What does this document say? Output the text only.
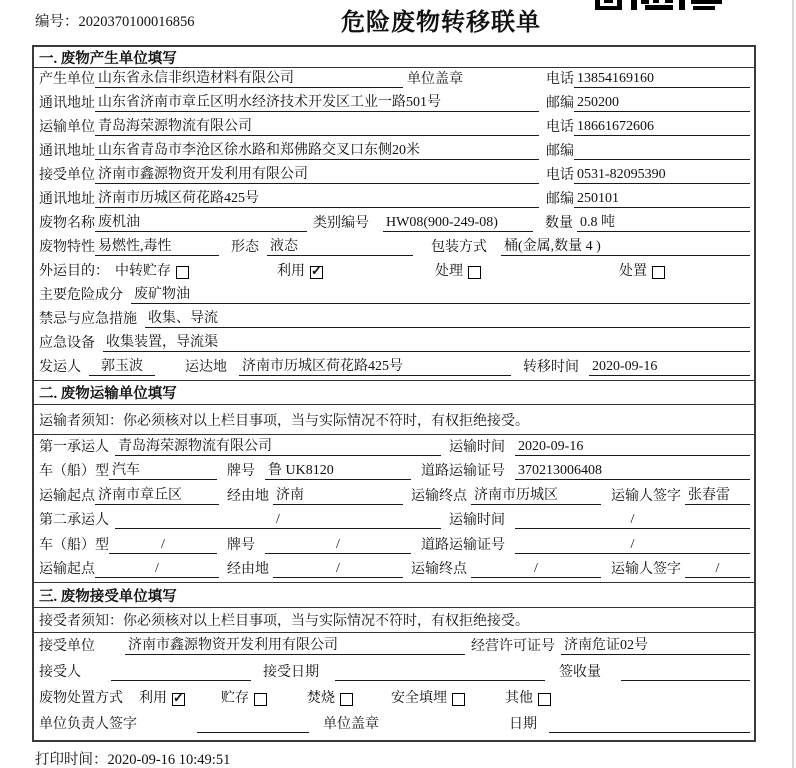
编号：2020370100016856	危险废物转移联单
一. 废物产生单位填写
产生单位 山东省永信非织造材料有限公司	单位盖章	电话 13854169160
通讯地址 山东省济南市章丘区明水经济技术开发区工业一路501号	邮编 250200
运输单位 青岛海荣源物流有限公司	电话 18661672606
通讯地址 山东省青岛市李沧区徐水路和郑佛路交叉口东侧20米	邮编
接受单位 济南市鑫源物资开发利用有限公司	电话 0531-82095390
通讯地址 济南市历城区荷花路425号	邮编 250101
废物名称 废机油	类别编号 HW08(900-249-08)	数量 0.8 吨
废物特性 易燃性,毒性	形态 液态	包装方式 桶(金属,数量 4 )
外运目的： 中转贮存	利用 ✓	处理	处置
主要危险成分 废矿物油
禁忌与应急措施 收集、导流
应急设备 收集装置，导流渠
发运人	郭玉波	运达地 济南市历城区荷花路425号	转移时间 2020-09-16
二. 废物运输单位填写
运输者须知：你必须核对以上栏目事项，当与实际情况不符时，有权拒绝接受。
第一承运人 青岛海荣源物流有限公司	运输时间 2020-09-16
车（船）型 汽车	牌号 鲁 UK8120	道路运输证号 370213006408
运输起点 济南市章丘区	经由地 济南	运输终点 济南市历城区	运输人签字 张春雷
第二承运人	/	运输时间	/
车（船）型	/	牌号	/	道路运输证号	/
运输起点	/	经由地	/	运输终点	/	运输人签字	/
三. 废物接受单位填写
接受者须知：你必须核对以上栏目事项，当与实际情况不符时，有权拒绝接受。
接受单位 济南市鑫源物资开发利用有限公司	经营许可证号 济南危证02号
接受人	接受日期	签收量
废物处置方式 利用 ✓	贮存	焚烧	安全填埋	其他
单位负责人签字	单位盖章	日期
打印时间：2020-09-16 10:49:51
